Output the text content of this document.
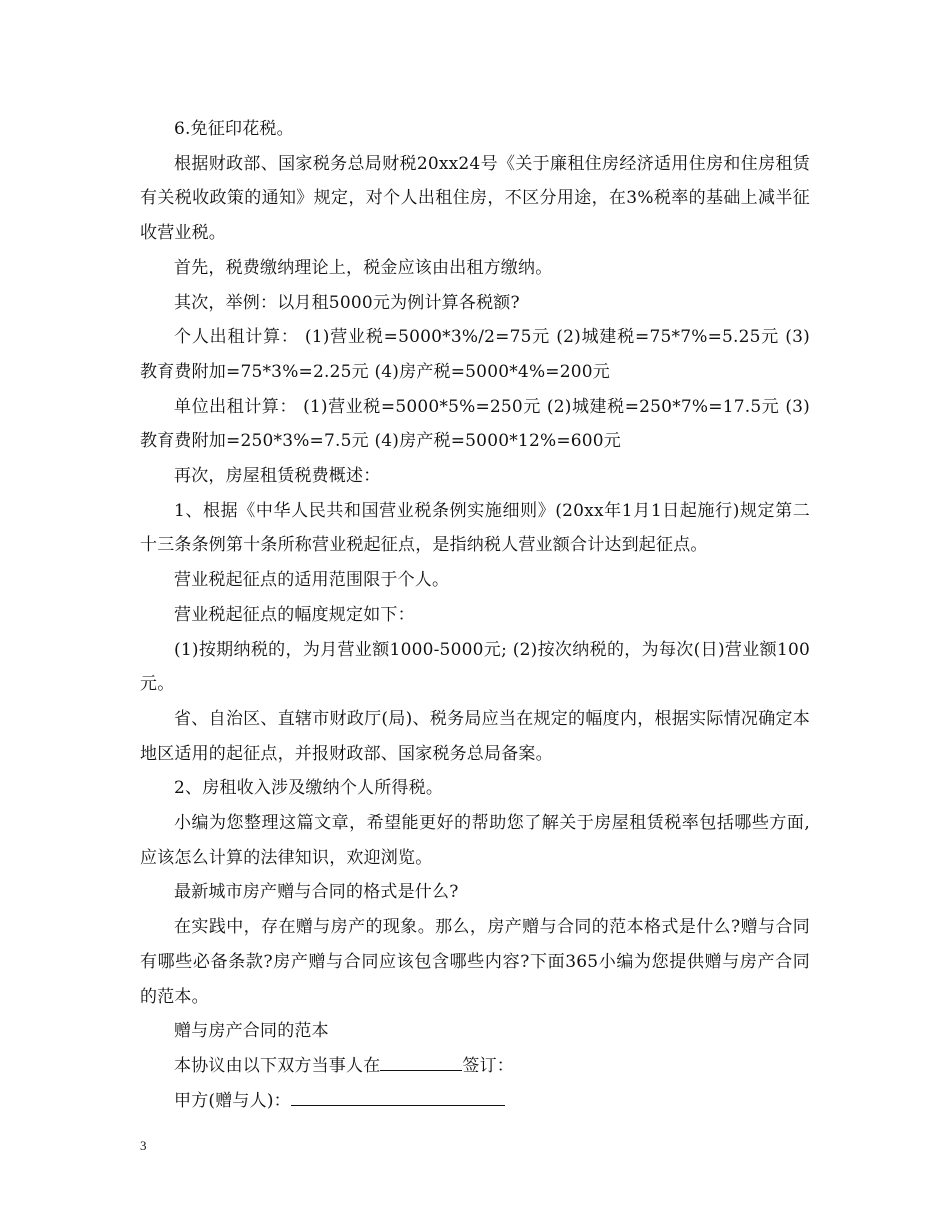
6.免征印花税。

根据财政部、国家税务总局财税20xx24号《关于廉租住房经济适用住房和住房租赁有关税收政策的通知》规定，对个人出租住房，不区分用途，在3%税率的基础上减半征收营业税。

首先，税费缴纳理论上，税金应该由出租方缴纳。

其次，举例：以月租5000元为例计算各税额?

个人出租计算： (1)营业税=5000*3%/2=75元 (2)城建税=75*7%=5.25元 (3)教育费附加=75*3%=2.25元 (4)房产税=5000*4%=200元

单位出租计算： (1)营业税=5000*5%=250元 (2)城建税=250*7%=17.5元 (3)教育费附加=250*3%=7.5元 (4)房产税=5000*12%=600元

再次，房屋租赁税费概述：

1、根据《中华人民共和国营业税条例实施细则》(20xx年1月1日起施行)规定第二十三条条例第十条所称营业税起征点，是指纳税人营业额合计达到起征点。

营业税起征点的适用范围限于个人。

营业税起征点的幅度规定如下：

(1)按期纳税的，为月营业额1000-5000元; (2)按次纳税的，为每次(日)营业额100元。

省、自治区、直辖市财政厅(局)、税务局应当在规定的幅度内，根据实际情况确定本地区适用的起征点，并报财政部、国家税务总局备案。

2、房租收入涉及缴纳个人所得税。

小编为您整理这篇文章，希望能更好的帮助您了解关于房屋租赁税率包括哪些方面,应该怎么计算的法律知识，欢迎浏览。

最新城市房产赠与合同的格式是什么?

在实践中，存在赠与房产的现象。那么，房产赠与合同的范本格式是什么?赠与合同有哪些必备条款?房产赠与合同应该包含哪些内容?下面365小编为您提供赠与房产合同的范本。

赠与房产合同的范本

本协议由以下双方当事人在	签订：

甲方(赠与人)：

3
